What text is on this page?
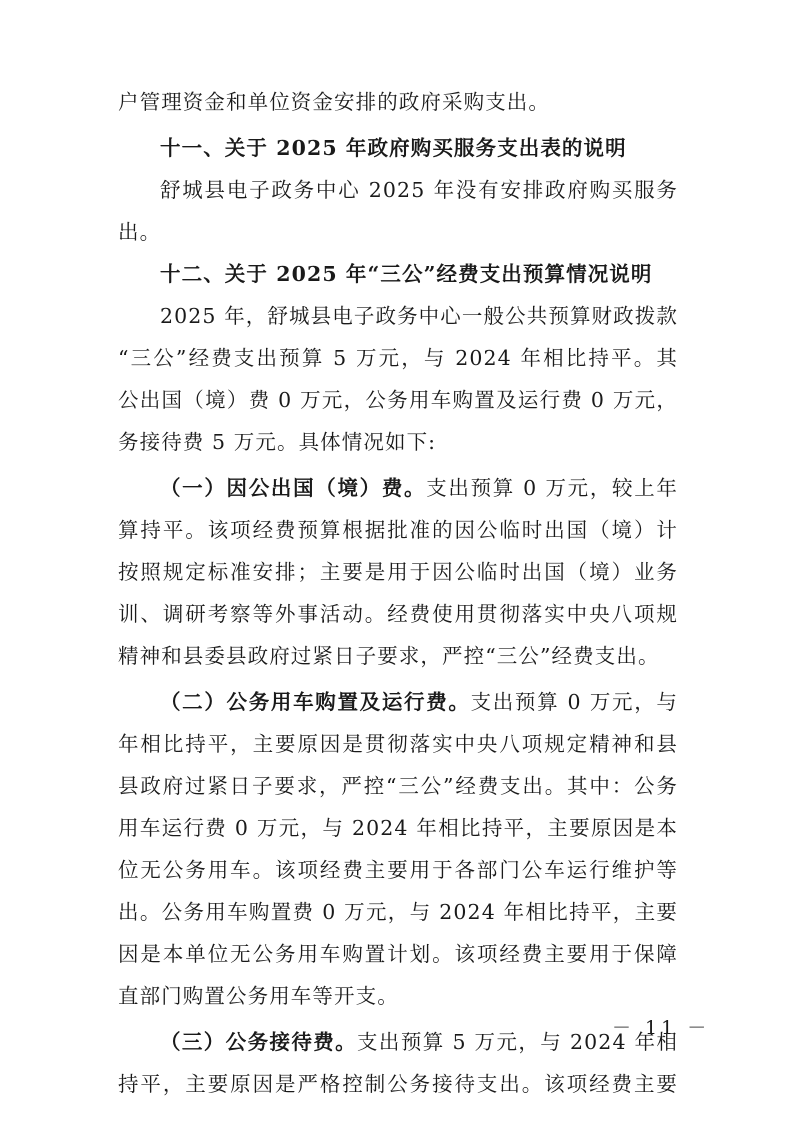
户管理资金和单位资金安排的政府采购支出。
十一、关于 2025 年政府购买服务支出表的说明
舒城县电子政务中心 2025 年没有安排政府购买服务
出。
十二、关于 2025 年“三公”经费支出预算情况说明
2025 年，舒城县电子政务中心一般公共预算财政拨款
“三公”经费支出预算 5 万元，与 2024 年相比持平。其
公出国（境）费 0 万元，公务用车购置及运行费 0 万元，
务接待费 5 万元。具体情况如下:
（一）因公出国（境）费。支出预算 0 万元，较上年
算持平。该项经费预算根据批准的因公临时出国（境）计
按照规定标准安排；主要是用于因公临时出国（境）业务
训、调研考察等外事活动。经费使用贯彻落实中央八项规
精神和县委县政府过紧日子要求，严控“三公”经费支出。
（二）公务用车购置及运行费。支出预算 0 万元，与
年相比持平，主要原因是贯彻落实中央八项规定精神和县
县政府过紧日子要求，严控“三公”经费支出。其中：公务
用车运行费 0 万元，与 2024 年相比持平，主要原因是本
位无公务用车。该项经费主要用于各部门公车运行维护等
出。公务用车购置费 0 万元，与 2024 年相比持平，主要
因是本单位无公务用车购置计划。该项经费主要用于保障
直部门购置公务用车等开支。
（三）公务接待费。支出预算 5 万元，与 2024 年相
持平，主要原因是严格控制公务接待支出。该项经费主要
－ 11 －
